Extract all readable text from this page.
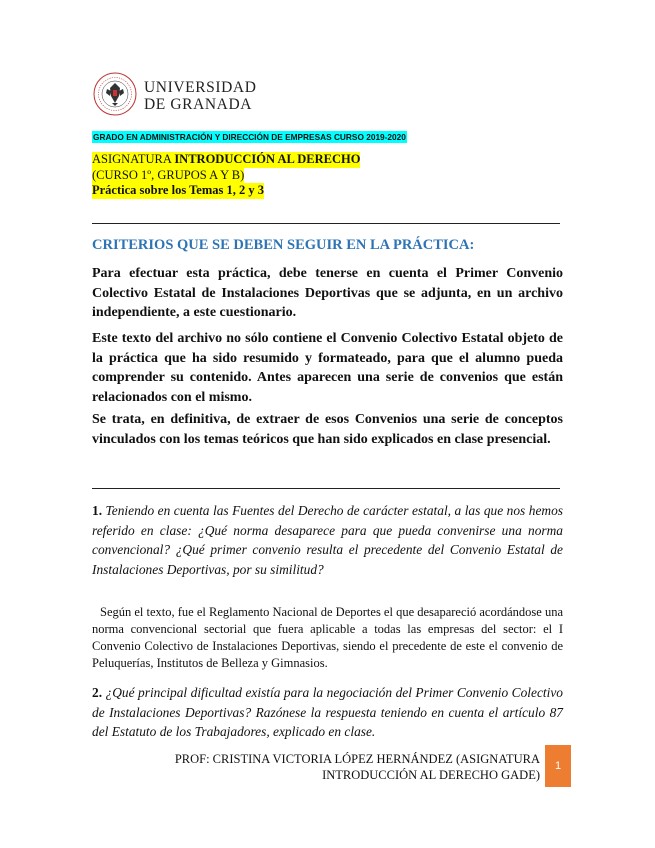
UNIVERSIDAD
DE GRANADA
GRADO EN ADMINISTRACIÓN Y DIRECCIÓN DE EMPRESAS CURSO 2019-2020
ASIGNATURA INTRODUCCIÓN AL DERECHO
(CURSO 1º, GRUPOS A Y B)
Práctica sobre los Temas 1, 2 y 3
CRITERIOS QUE SE DEBEN SEGUIR EN LA PRÁCTICA:
Para efectuar esta práctica, debe tenerse en cuenta el Primer Convenio Colectivo Estatal de Instalaciones Deportivas que se adjunta, en un archivo independiente, a este cuestionario.
Este texto del archivo no sólo contiene el Convenio Colectivo Estatal objeto de la práctica que ha sido resumido y formateado, para que el alumno pueda comprender su contenido. Antes aparecen una serie de convenios que están relacionados con el mismo.
Se trata, en definitiva, de extraer de esos Convenios una serie de conceptos vinculados con los temas teóricos que han sido explicados en clase presencial.
1. Teniendo en cuenta las Fuentes del Derecho de carácter estatal, a las que nos hemos referido en clase: ¿Qué norma desaparece para que pueda convenirse una norma convencional? ¿Qué primer convenio resulta el precedente del Convenio Estatal de Instalaciones Deportivas, por su similitud?
Según el texto, fue el Reglamento Nacional de Deportes el que desapareció acordándose una norma convencional sectorial que fuera aplicable a todas las empresas del sector: el I Convenio Colectivo de Instalaciones Deportivas, siendo el precedente de este el convenio de Peluquerías, Institutos de Belleza y Gimnasios.
2. ¿Qué principal dificultad existía para la negociación del Primer Convenio Colectivo de Instalaciones Deportivas? Razónese la respuesta teniendo en cuenta el artículo 87 del Estatuto de los Trabajadores, explicado en clase.
PROF: CRISTINA VICTORIA LÓPEZ HERNÁNDEZ (ASIGNATURA
INTRODUCCIÓN AL DERECHO GADE)
1
